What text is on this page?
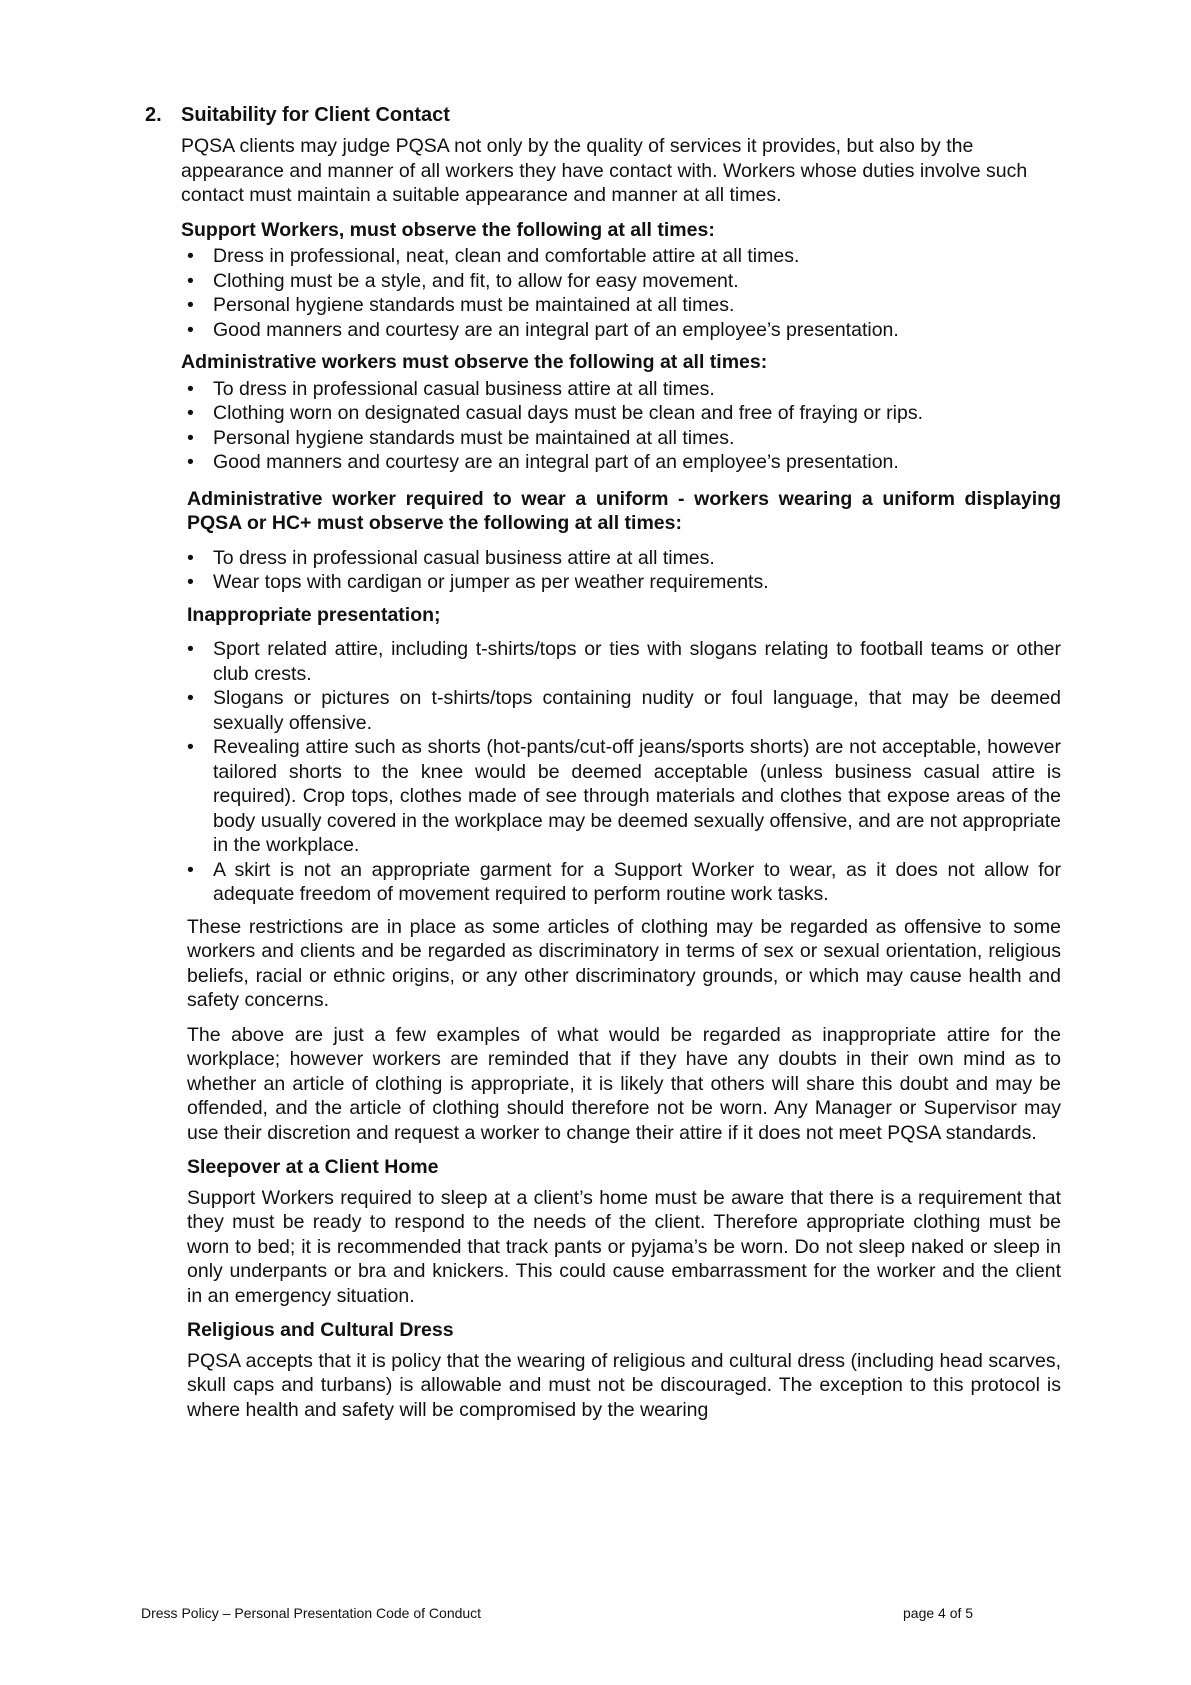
2. Suitability for Client Contact

PQSA clients may judge PQSA not only by the quality of services it provides, but also by the appearance and manner of all workers they have contact with. Workers whose duties involve such contact must maintain a suitable appearance and manner at all times.

Support Workers, must observe the following at all times:
• Dress in professional, neat, clean and comfortable attire at all times.
• Clothing must be a style, and fit, to allow for easy movement.
• Personal hygiene standards must be maintained at all times.
• Good manners and courtesy are an integral part of an employee’s presentation.
Administrative workers must observe the following at all times:
• To dress in professional casual business attire at all times.
• Clothing worn on designated casual days must be clean and free of fraying or rips.
• Personal hygiene standards must be maintained at all times.
• Good manners and courtesy are an integral part of an employee’s presentation.
Administrative worker required to wear a uniform - workers wearing a uniform displaying PQSA or HC+ must observe the following at all times:
• To dress in professional casual business attire at all times.
• Wear tops with cardigan or jumper as per weather requirements.
Inappropriate presentation;
• Sport related attire, including t-shirts/tops or ties with slogans relating to football teams or other club crests.
• Slogans or pictures on t-shirts/tops containing nudity or foul language, that may be deemed sexually offensive.
• Revealing attire such as shorts (hot-pants/cut-off jeans/sports shorts) are not acceptable, however tailored shorts to the knee would be deemed acceptable (unless business casual attire is required). Crop tops, clothes made of see through materials and clothes that expose areas of the body usually covered in the workplace may be deemed sexually offensive, and are not appropriate in the workplace.
• A skirt is not an appropriate garment for a Support Worker to wear, as it does not allow for adequate freedom of movement required to perform routine work tasks.

These restrictions are in place as some articles of clothing may be regarded as offensive to some workers and clients and be regarded as discriminatory in terms of sex or sexual orientation, religious beliefs, racial or ethnic origins, or any other discriminatory grounds, or which may cause health and safety concerns.

The above are just a few examples of what would be regarded as inappropriate attire for the workplace; however workers are reminded that if they have any doubts in their own mind as to whether an article of clothing is appropriate, it is likely that others will share this doubt and may be offended, and the article of clothing should therefore not be worn. Any Manager or Supervisor may use their discretion and request a worker to change their attire if it does not meet PQSA standards.

Sleepover at a Client Home

Support Workers required to sleep at a client’s home must be aware that there is a requirement that they must be ready to respond to the needs of the client. Therefore appropriate clothing must be worn to bed; it is recommended that track pants or pyjama’s be worn. Do not sleep naked or sleep in only underpants or bra and knickers. This could cause embarrassment for the worker and the client in an emergency situation.

Religious and Cultural Dress

PQSA accepts that it is policy that the wearing of religious and cultural dress (including head scarves, skull caps and turbans) is allowable and must not be discouraged. The exception to this protocol is where health and safety will be compromised by the wearing

Dress Policy – Personal Presentation Code of Conduct	page 4 of 5
